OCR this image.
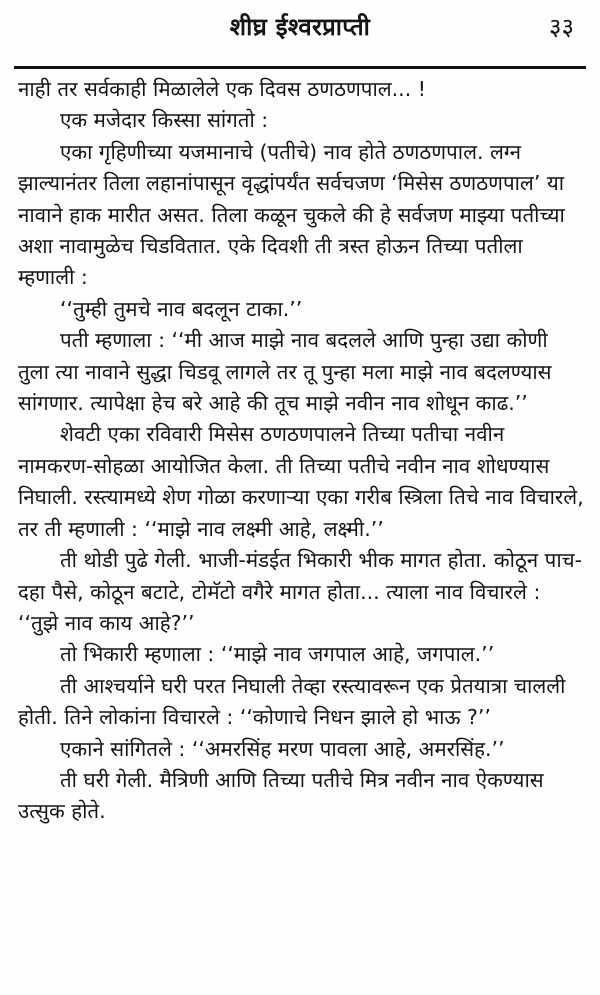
शीघ्र ईश्वरप्राप्ती	३३

नाही तर सर्वकाही मिळालेले एक दिवस ठणठणपाल... !

एक मजेदार किस्सा सांगतो :

एका गृहिणीच्या यजमानाचे (पतीचे) नाव होते ठणठणपाल. लग्न झाल्यानंतर तिला लहानांपासून वृद्धांपर्यंत सर्वचजण ‘मिसेस ठणठणपाल’ या नावाने हाक मारीत असत. तिला कळून चुकले की हे सर्वजण माझ्या पतीच्या अशा नावामुळेच चिडवितात. एके दिवशी ती त्रस्त होऊन तिच्या पतीला म्हणाली :

‘‘तुम्ही तुमचे नाव बदलून टाका.’’

पती म्हणाला : ‘‘मी आज माझे नाव बदलले आणि पुन्हा उद्या कोणी तुला त्या नावाने सुद्धा चिडवू लागले तर तू पुन्हा मला माझे नाव बदलण्यास सांगणार. त्यापेक्षा हेच बरे आहे की तूच माझे नवीन नाव शोधून काढ.’’

शेवटी एका रविवारी मिसेस ठणठणपालने तिच्या पतीचा नवीन नामकरण-सोहळा आयोजित केला. ती तिच्या पतीचे नवीन नाव शोधण्यास निघाली. रस्त्यामध्ये शेण गोळा करणाऱ्या एका गरीब स्त्रिला तिचे नाव विचारले, तर ती म्हणाली : ‘‘माझे नाव लक्ष्मी आहे, लक्ष्मी.’’

ती थोडी पुढे गेली. भाजी-मंडईत भिकारी भीक मागत होता. कोठून पाच-दहा पैसे, कोठून बटाटे, टोमॅटो वगैरे मागत होता... त्याला नाव विचारले : ‘‘तुझे नाव काय आहे?’’

तो भिकारी म्हणाला : ‘‘माझे नाव जगपाल आहे, जगपाल.’’

ती आश्चर्याने घरी परत निघाली तेव्हा रस्त्यावरून एक प्रेतयात्रा चालली होती. तिने लोकांना विचारले : ‘‘कोणाचे निधन झाले हो भाऊ ?’’

एकाने सांगितले : ‘‘अमरसिंह मरण पावला आहे, अमरसिंह.’’

ती घरी गेली. मैत्रिणी आणि तिच्या पतीचे मित्र नवीन नाव ऐकण्यास उत्सुक होते.
